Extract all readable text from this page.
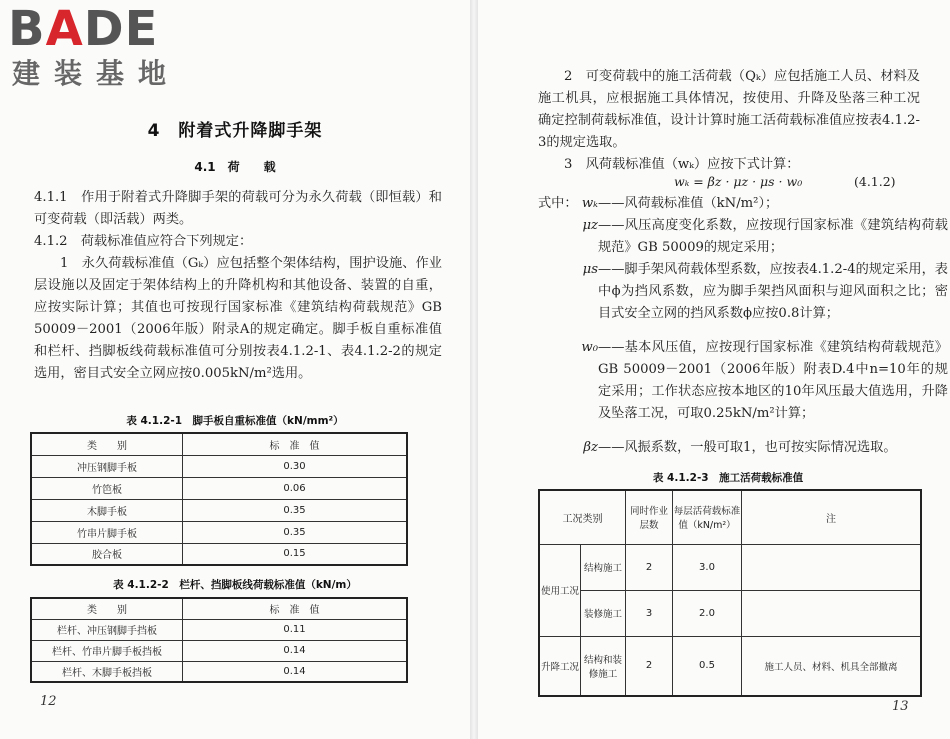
BADE
建装基地
4　附着式升降脚手架
4.1　荷　　载
4.1.1　作用于附着式升降脚手架的荷载可分为永久荷载（即恒载）和可变荷载（即活载）两类。
4.1.2　荷载标准值应符合下列规定：
1　永久荷载标准值（Gₖ）应包括整个架体结构，围护设施、作业层设施以及固定于架体结构上的升降机构和其他设备、装置的自重，应按实际计算；其值也可按现行国家标准《建筑结构荷载规范》GB 50009－2001（2006年版）附录A的规定确定。脚手板自重标准值和栏杆、挡脚板线荷载标准值可分别按表4.1.2-1、表4.1.2-2的规定选用，密目式安全立网应按0.005kN/m²选用。
表 4.1.2-1　脚手板自重标准值（kN/mm²）
类　　别	标　准　值
冲压钢脚手板	0.30
竹笆板	0.06
木脚手板	0.35
竹串片脚手板	0.35
胶合板	0.15
表 4.1.2-2　栏杆、挡脚板线荷载标准值（kN/m）
类　　别	标　准　值
栏杆、冲压钢脚手挡板	0.11
栏杆、竹串片脚手板挡板	0.14
栏杆、木脚手板挡板	0.14
12
2　可变荷载中的施工活荷载（Qₖ）应包括施工人员、材料及施工机具，应根据施工具体情况，按使用、升降及坠落三种工况确定控制荷载标准值，设计计算时施工活荷载标准值应按表4.1.2-3的规定选取。
3　风荷载标准值（wₖ）应按下式计算：
wₖ = βz · μz · μs · w₀	(4.1.2)
式中： wₖ——风荷载标准值（kN/m²）；
μz——风压高度变化系数，应按现行国家标准《建筑结构荷载规范》GB 50009的规定采用；
μs——脚手架风荷载体型系数，应按表4.1.2-4的规定采用，表中ϕ为挡风系数，应为脚手架挡风面积与迎风面积之比；密目式安全立网的挡风系数ϕ应按0.8计算；
w₀——基本风压值，应按现行国家标准《建筑结构荷载规范》GB 50009－2001（2006年版）附表D.4中n=10年的规定采用；工作状态应按本地区的10年风压最大值选用，升降及坠落工况，可取0.25kN/m²计算；
βz——风振系数，一般可取1，也可按实际情况选取。
表 4.1.2-3　施工活荷载标准值
工况类别		同时作业层数	每层活荷载标准值（kN/m²）	注
使用工况	结构施工	2	3.0	
	装修施工	3	2.0	
升降工况	结构和装修施工	2	0.5	施工人员、材料、机具全部撤离
13
